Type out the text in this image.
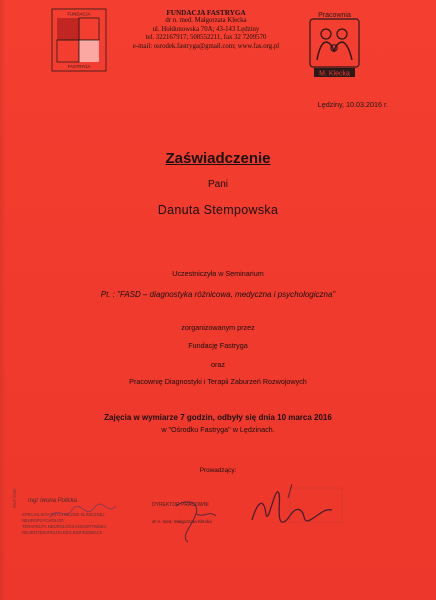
FUNDACJA
FASTRYGA
FUNDACJA FASTRYGA
dr n. med. Małgorzata Klecka
ul. Hołdunowska 70A; 43-143 Lędziny
tel. 322167917; 508552211, fax 32 7209570
e-mail: osrodek.fastryga@gmail.com; www.fas.org.pl
Pracownia
M. Klecka
Lędziny, 10.03.2016 r.
Zaświadczenie
Pani
Danuta Stempowska
Uczestniczyła w Seminarium
Pt. : "FASD – diagnostyka różnicowa, medyczna i psychologiczna"
zorganizowanym przez
Fundację Fastryga
oraz
Pracownię Diagnostyki i Terapii Zaburzeń Rozwojowych
Zajęcia w wymiarze 7 godzin, odbyły się dnia 10 marca 2016
w "Ośrodku Fastryga" w Lędzinach.
Prowadzący:
WLP 0050 mgr Iwona Pollcka
SPECJALISTA PSYCHOLOGII KLINICZNEJ
NEUROPSYCHOLOG
TERAPEUTA NEUROLOGII KOGNITYWNEJ
NEUROTERAPEUTA EEG BIOFEEDBACK
DYREKTOR PRACOWNI
dr n. med. Małgorzata Klecka
